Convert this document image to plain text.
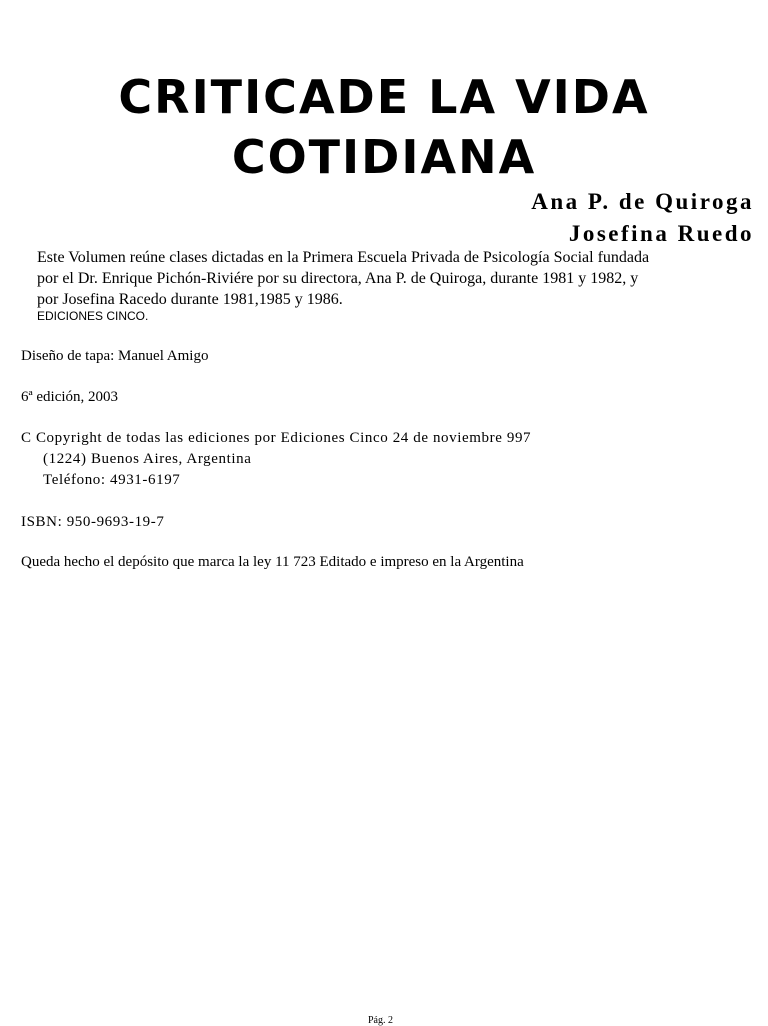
CRITICADE LA VIDA
COTIDIANA
Ana P. de Quiroga
Josefina Ruedo
Este Volumen reúne clases dictadas en la Primera Escuela Privada de Psicología Social fundada
por el Dr. Enrique Pichón-Riviére por su directora, Ana P. de Quiroga, durante 1981 y 1982, y
por Josefina Racedo durante 1981,1985 y 1986.
EDICIONES CINCO.
Diseño de tapa: Manuel Amigo
6ª edición, 2003
C Copyright de todas las ediciones por Ediciones Cinco 24 de noviembre 997
(1224) Buenos Aires, Argentina
Teléfono: 4931-6197
ISBN: 950-9693-19-7
Queda hecho el depósito que marca la ley 11 723 Editado e impreso en la Argentina
Pág. 2
